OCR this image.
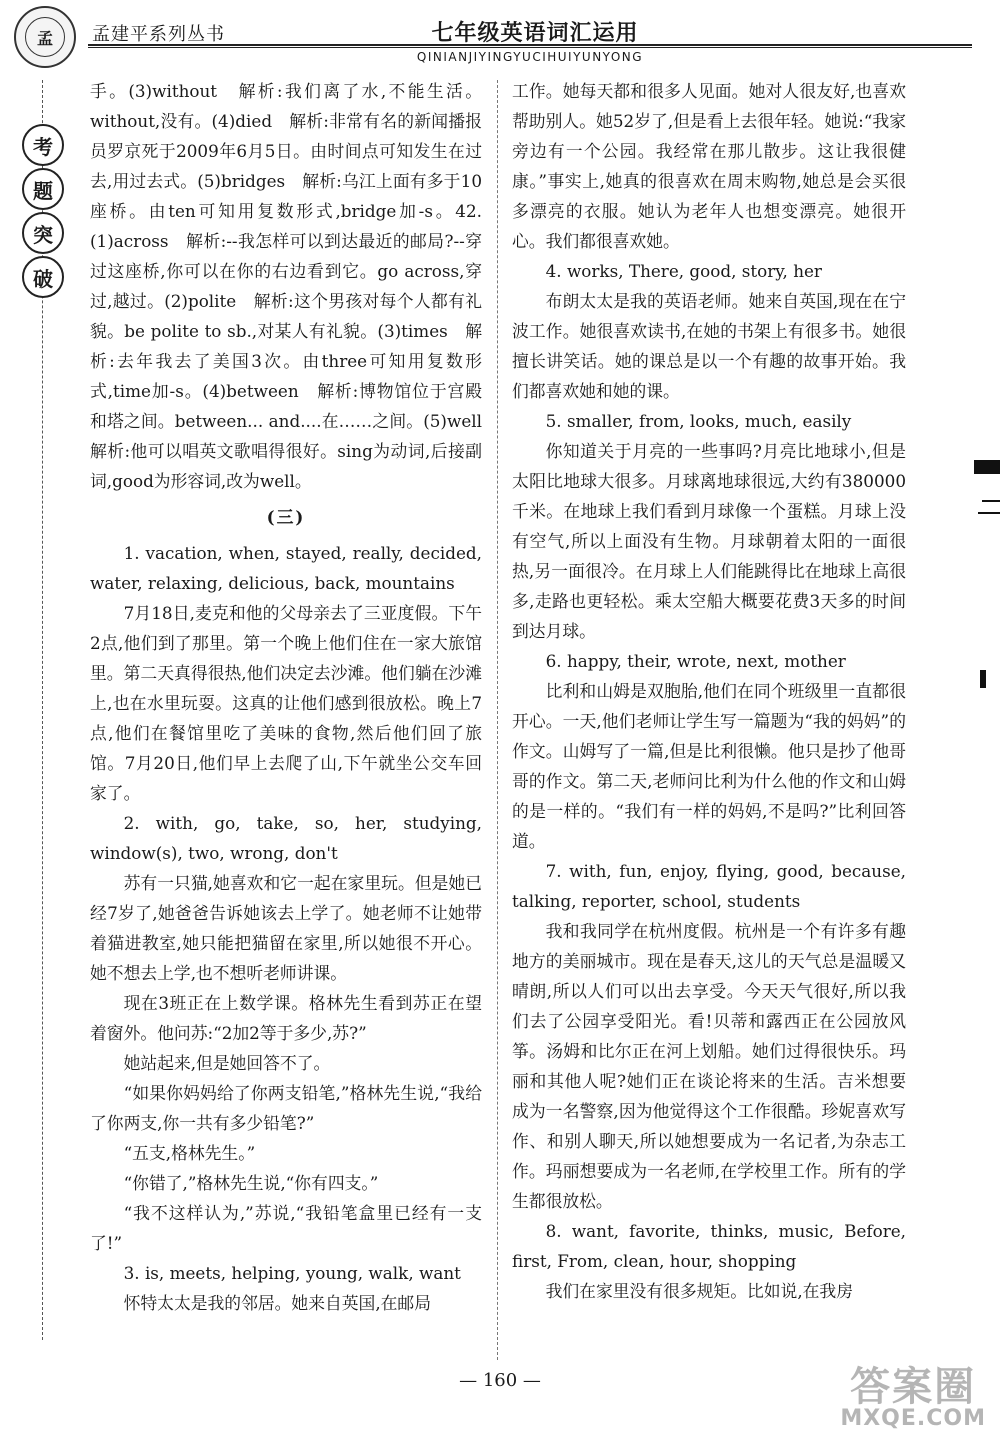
孟	孟建平系列丛书	七年级英语词汇运用
QINIANJIYINGYUCIHUIYUNYONG
考
题
突
破

手。(3)without　解析:我们离了水,不能生活。without,没有。(4)died　解析:非常有名的新闻播报员罗京死于2009年6月5日。由时间点可知发生在过去,用过去式。(5)bridges　解析:乌江上面有多于10座桥。由ten可知用复数形式,bridge加-s。42.(1)across　解析:--我怎样可以到达最近的邮局?--穿过这座桥,你可以在你的右边看到它。go across,穿过,越过。(2)polite　解析:这个男孩对每个人都有礼貌。be polite to sb.,对某人有礼貌。(3)times　解析:去年我去了美国3次。由three可知用复数形式,time加-s。(4)between　解析:博物馆位于宫殿和塔之间。between... and....在……之间。(5)well　解析:他可以唱英文歌唱得很好。sing为动词,后接副词,good为形容词,改为well。

(三)

1. vacation, when, stayed, really, decided, water, relaxing, delicious, back, mountains

7月18日,麦克和他的父母亲去了三亚度假。下午2点,他们到了那里。第一个晚上他们住在一家大旅馆里。第二天真得很热,他们决定去沙滩。他们躺在沙滩上,也在水里玩耍。这真的让他们感到很放松。晚上7点,他们在餐馆里吃了美味的食物,然后他们回了旅馆。7月20日,他们早上去爬了山,下午就坐公交车回家了。

2. with, go, take, so, her, studying, window(s), two, wrong, don't

苏有一只猫,她喜欢和它一起在家里玩。但是她已经7岁了,她爸爸告诉她该去上学了。她老师不让她带着猫进教室,她只能把猫留在家里,所以她很不开心。她不想去上学,也不想听老师讲课。

现在3班正在上数学课。格林先生看到苏正在望着窗外。他问苏:“2加2等于多少,苏?”

她站起来,但是她回答不了。

“如果你妈妈给了你两支铅笔,”格林先生说,“我给了你两支,你一共有多少铅笔?”

“五支,格林先生。”

“你错了,”格林先生说,“你有四支。”

“我不这样认为,”苏说,“我铅笔盒里已经有一支了!”

3. is, meets, helping, young, walk, want

怀特太太是我的邻居。她来自英国,在邮局

工作。她每天都和很多人见面。她对人很友好,也喜欢帮助别人。她52岁了,但是看上去很年轻。她说:“我家旁边有一个公园。我经常在那儿散步。这让我很健康。”事实上,她真的很喜欢在周末购物,她总是会买很多漂亮的衣服。她认为老年人也想变漂亮。她很开心。我们都很喜欢她。

4. works, There, good, story, her

布朗太太是我的英语老师。她来自英国,现在在宁波工作。她很喜欢读书,在她的书架上有很多书。她很擅长讲笑话。她的课总是以一个有趣的故事开始。我们都喜欢她和她的课。

5. smaller, from, looks, much, easily

你知道关于月亮的一些事吗?月亮比地球小,但是太阳比地球大很多。月球离地球很远,大约有380000千米。在地球上我们看到月球像一个蛋糕。月球上没有空气,所以上面没有生物。月球朝着太阳的一面很热,另一面很冷。在月球上人们能跳得比在地球上高很多,走路也更轻松。乘太空船大概要花费3天多的时间到达月球。

6. happy, their, wrote, next, mother

比利和山姆是双胞胎,他们在同个班级里一直都很开心。一天,他们老师让学生写一篇题为“我的妈妈”的作文。山姆写了一篇,但是比利很懒。他只是抄了他哥哥的作文。第二天,老师问比利为什么他的作文和山姆的是一样的。“我们有一样的妈妈,不是吗?”比利回答道。

7. with, fun, enjoy, flying, good, because, talking, reporter, school, students

我和我同学在杭州度假。杭州是一个有许多有趣地方的美丽城市。现在是春天,这儿的天气总是温暖又晴朗,所以人们可以出去享受。今天天气很好,所以我们去了公园享受阳光。看!贝蒂和露西正在公园放风筝。汤姆和比尔正在河上划船。她们过得很快乐。玛丽和其他人呢?她们正在谈论将来的生活。吉米想要成为一名警察,因为他觉得这个工作很酷。珍妮喜欢写作、和别人聊天,所以她想要成为一名记者,为杂志工作。玛丽想要成为一名老师,在学校里工作。所有的学生都很放松。

8. want, favorite, thinks, music, Before, first, From, clean, hour, shopping

我们在家里没有很多规矩。比如说,在我房

— 160 —	答案圈
MXQE.COM
